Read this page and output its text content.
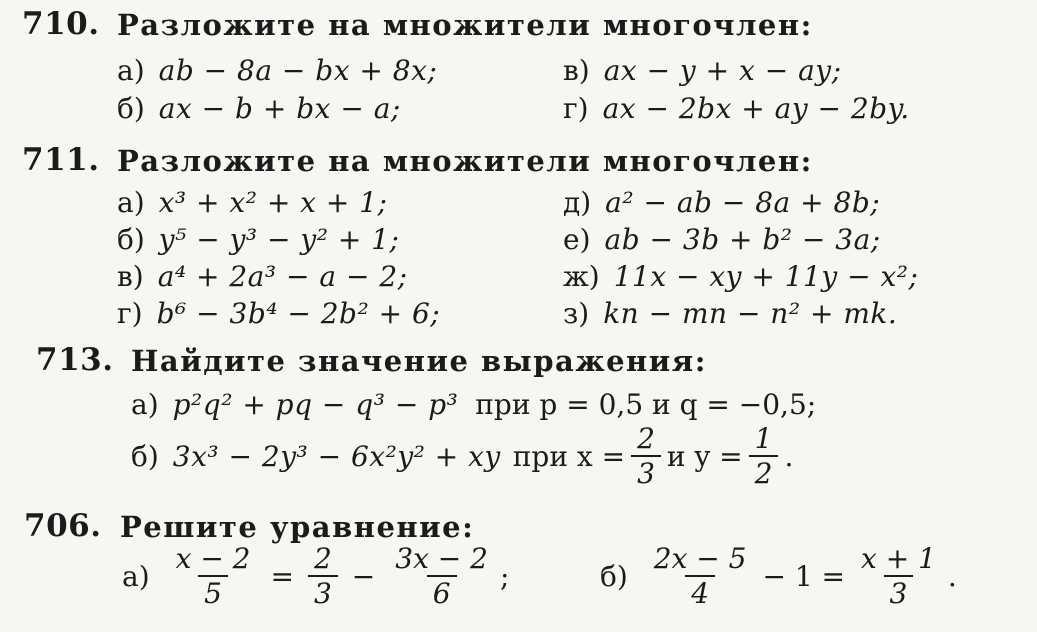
710. Разложите на множители многочлен:
а) ab − 8a − bx + 8x;	в) ax − y + x − ay;
б) ax − b + bx − a;	г) ax − 2bx + ay − 2by.
711. Разложите на множители многочлен:
а) x³ + x² + x + 1;	д) a² − ab − 8a + 8b;
б) y⁵ − y³ − y² + 1;	е) ab − 3b + b² − 3a;
в) a⁴ + 2a³ − a − 2;	ж) 11x − xy + 11y − x²;
г) b⁶ − 3b⁴ − 2b² + 6;	з) kn − mn − n² + mk.
713. Найдите значение выражения:
а) p²q² + pq − q³ − p³ при p = 0,5 и q = −0,5;
б) 3x³ − 2y³ − 6x²y² + xy при $x = \frac{2}{3}$ и $y = \frac{1}{2}$ .
706. Решите уравнение:
$а) \frac{x - 2}{5} = \frac{2}{3} - \frac{3x - 2}{6}$ ;	$б) \frac{2x - 5}{4} - 1 = \frac{x + 1}{3}$ .
